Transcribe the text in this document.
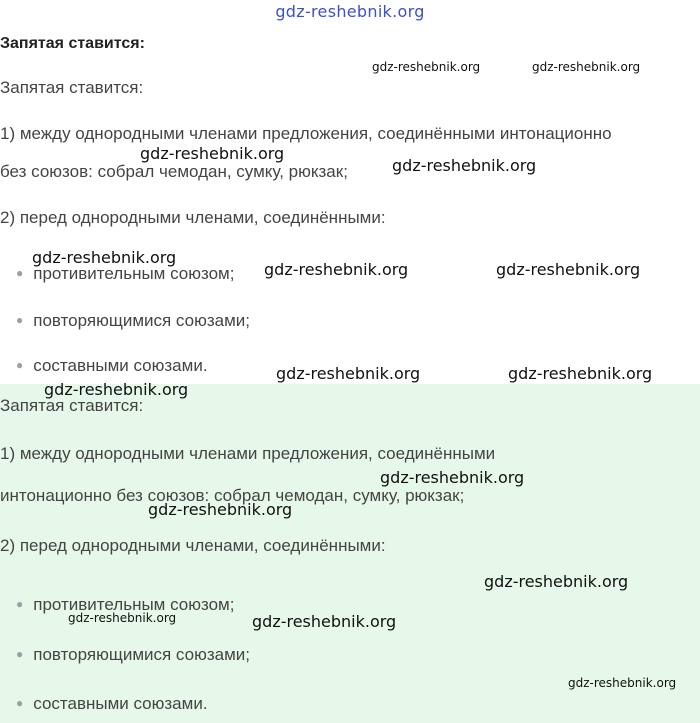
gdz-reshebnik.org
Запятая ставится:
Запятая ставится:
1) между однородными членами предложения, соединёнными интонационно
без союзов: собрал чемодан, сумку, рюкзак;
2) перед однородными членами, соединёнными:
● противительным союзом;
● повторяющимися союзами;
● составными союзами.
Запятая ставится:
1) между однородными членами предложения, соединёнными
интонационно без союзов: собрал чемодан, сумку, рюкзак;
2) перед однородными членами, соединёнными:
● противительным союзом;
● повторяющимися союзами;
● составными союзами.
gdz-reshebnik.org	gdz-reshebnik.org
gdz-reshebnik.org
gdz-reshebnik.org
gdz-reshebnik.org
gdz-reshebnik.org	gdz-reshebnik.org
gdz-reshebnik.org	gdz-reshebnik.org
gdz-reshebnik.org
gdz-reshebnik.org
gdz-reshebnik.org
gdz-reshebnik.org
gdz-reshebnik.org	gdz-reshebnik.org
gdz-reshebnik.org
